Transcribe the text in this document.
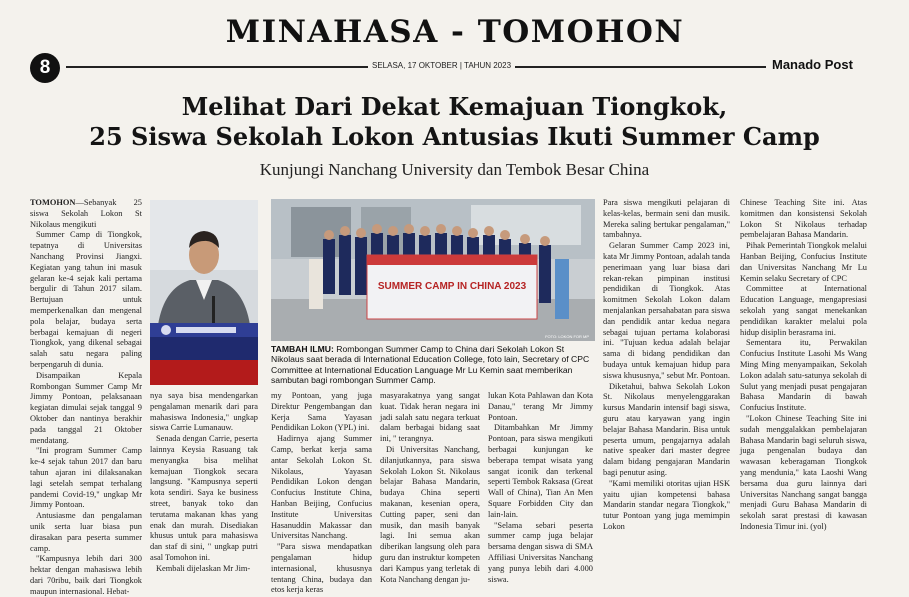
MINAHASA - TOMOHON
8	SELASA, 17 OKTOBER | TAHUN 2023	Manado Post
Melihat Dari Dekat Kemajuan Tiongkok,
25 Siswa Sekolah Lokon Antusias Ikuti Summer Camp
Kunjungi Nanchang University dan Tembok Besar China

TOMOHON—Sebanyak 25 siswa Sekolah Lokon St Nikolaus mengikuti

Summer Camp di Tiongkok, tepatnya di Universitas Nanchang Provinsi Jiangxi. Kegiatan yang tahun ini masuk gelaran ke-4 sejak kali pertama bergulir di Tahun 2017 silam. Bertujuan untuk memperkenalkan dan mengenal pola belajar, budaya serta berbagai kemajuan di negeri Tiongkok, yang dikenal sebagai salah satu negara paling berpengaruh di dunia.

Disampaikan Kepala Rombongan Summer Camp Mr Jimmy Pontoan, pelaksanaan kegiatan dimulai sejak tanggal 9 Oktober dan nantinya berakhir pada tanggal 21 Oktober mendatang.

"Ini program Summer Camp ke-4 sejak tahun 2017 dan baru tahun ajaran ini dilaksanakan lagi setelah sempat terhalang pandemi Covid-19," ungkap Mr Jimmy Pontoan.

Antusiasme dan pengalaman unik serta luar biasa pun dirasakan para peserta summer camp.

"Kampusnya lebih dari 300 hektar dengan mahasiswa lebih dari 70ribu, baik dari Tiongkok maupun internasional. Hebat-

nya saya bisa mendengarkan pengalaman menarik dari para mahasiswa Indonesia," ungkap siswa Carrie Lumanauw.

Senada dengan Carrie, peserta lainnya Keysia Rasuang tak menyangka bisa melihat kemajuan Tiongkok secara langsung. "Kampusnya seperti kota sendiri. Saya ke business street, banyak toko dan terutama makanan khas yang enak dan murah. Disediakan khusus untuk para mahasiswa dan staf di sini, " ungkap putri asal Tomohon ini.

Kembali dijelaskan Mr Jim-

SUMMER CAMP IN CHINA 2023
FOTO: LOKON FOR MP
TAMBAH ILMU: Rombongan Summer Camp to China dari Sekolah Lokon St Nikolaus saat berada di International Education College, foto lain, Secretary of CPC Committee at International Education Language Mr Lu Kemin saat memberikan sambutan bagi rombongan Summer Camp.

my Pontoan, yang juga Direktur Pengembangan dan Kerja Sama Yayasan Pendidikan Lokon (YPL) ini.

Hadirnya ajang Summer Camp, berkat kerja sama antar Sekolah Lokon St. Nikolaus, Yayasan Pendidikan Lokon dengan Confucius Institute China, Hanban Beijing, Confucius Institute Universitas Hasanuddin Makassar dan Universitas Nanchang.

"Para siswa mendapatkan pengalaman hidup internasional, khususnya tentang China, budaya dan etos kerja keras

masyarakatnya yang sangat kuat. Tidak heran negara ini jadi salah satu negara terkuat dalam berbagai bidang saat ini, " terangnya.

Di Universitas Nanchang, dilanjutkannya, para siswa Sekolah Lokon St. Nikolaus belajar Bahasa Mandarin, budaya China seperti makanan, kesenian opera, Cutting paper, seni dan musik, dan masih banyak lagi. Ini semua akan diberikan langsung oleh para guru dan instruktur kompeten dari Kampus yang terletak di Kota Nanchang dengan ju-

lukan Kota Pahlawan dan Kota Danau," terang Mr Jimmy Pontoan.

Ditambahkan Mr Jimmy Pontoan, para siswa mengikuti berbagai kunjungan ke beberapa tempat wisata yang sangat iconik dan terkenal seperti Tembok Raksasa (Great Wall of China), Tian An Men Square Forbidden City dan lain-lain.

"Selama sebari peserta summer camp juga belajar bersama dengan siswa di SMA Affiliasi Universitas Nanchang yang punya lebih dari 4.000 siswa.

Para siswa mengikuti pelajaran di kelas-kelas, bermain seni dan musik. Mereka saling bertukar pengalaman," tambahnya.

Gelaran Summer Camp 2023 ini, kata Mr Jimmy Pontoan, adalah tanda penerimaan yang luar biasa dari rekan-rekan pimpinan institusi pendidikan di Tiongkok. Atas komitmen Sekolah Lokon dalam menjalankan persahabatan para siswa dan pendidik antar kedua negara sebagai tujuan pertama kolaborasi ini. "Tujuan kedua adalah belajar sama di bidang pendidikan dan budaya untuk kemajuan hidup para siswa khususnya," sebut Mr. Pontoan.

Diketahui, bahwa Sekolah Lokon St. Nikolaus menyelenggarakan kursus Mandarin intensif bagi siswa, guru atau karyawan yang ingin belajar Bahasa Mandarin. Bisa untuk peserta umum, pengajarnya adalah native speaker dari master degree dalam bidang pengajaran Mandarin bagi penutur asing.

"Kami memiliki otoritas ujian HSK yaitu ujian kompetensi bahasa Mandarin standar negara Tiongkok," tutur Pontoan yang juga memimpin Lokon

Chinese Teaching Site ini. Atas komitmen dan konsistensi Sekolah Lokon St Nikolaus terhadap pembelajaran Bahasa Mandarin.

Pihak Pemerintah Tiongkok melalui Hanban Beijing, Confucius Institute dan Universitas Nanchang Mr Lu Kemin selaku Secretary of CPC

Committee at International Education Language, mengapresiasi sekolah yang sangat menekankan pendidikan karakter melalui pola hidup disiplin berasrama ini.

Sementara itu, Perwakilan Confucius Institute Lasohi Ms Wang Ming Ming menyampaikan, Sekolah Lokon adalah satu-satunya sekolah di Sulut yang menjadi pusat pengajaran Bahasa Mandarin di bawah Confucius Institute.

"Lokon Chinese Teaching Site ini sudah menggalakkan pembelajaran Bahasa Mandarin bagi seluruh siswa, juga pengenalan budaya dan wawasan keberagaman Tiongkok yang mendunia," kata Laoshi Wang bersama dua guru lainnya dari Universitas Nanchang sangat bangga menjadi Guru Bahasa Mandarin di sekolah sarat prestasi di kawasan Indonesia Timur ini. (yol)
